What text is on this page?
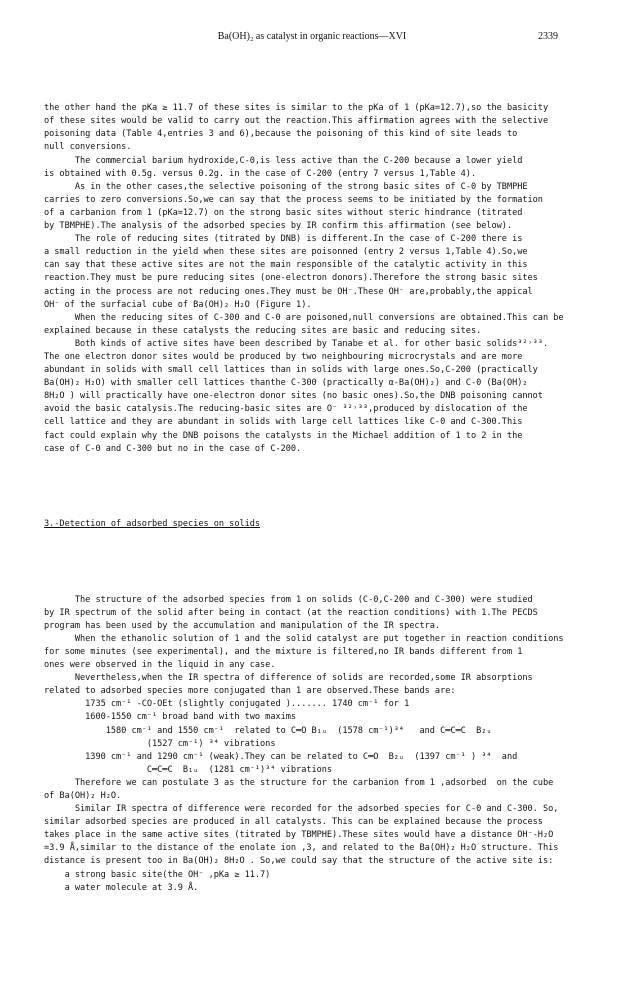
Ba(OH)₂ as catalyst in organic reactions—XVI	2339

the other hand the pKa ≥ 11.7 of these sites is similar to the pKa of 1 (pKa=12.7),so the basicity
of these sites would be valid to carry out the reaction.This affirmation agrees with the selective
poisoning data (Table 4,entries 3 and 6),because the poisoning of this kind of site leads to
null conversions.
The commercial barium hydroxide,C-0,is less active than the C-200 because a lower yield
is obtained with 0.5g. versus 0.2g. in the case of C-200 (entry 7 versus 1,Table 4).
As in the other cases,the selective poisoning of the strong basic sites of C-0 by TBMPHE
carries to zero conversions.So,we can say that the process seems to be initiated by the formation
of a carbanion from 1 (pKa=12.7) on the strong basic sites without steric hindrance (titrated
by TBMPHE).The analysis of the adsorbed species by IR confirm this affirmation (see below).
The role of reducing sites (titrated by DNB) is different.In the case of C-200 there is
a small reduction in the yield when these sites are poisonned (entry 2 versus 1,Table 4).So,we
can say that these active sites are not the main responsible of the catalytic activity in this
reaction.They must be pure reducing sites (one-electron donors).Therefore the strong basic sites
acting in the process are not reducing ones.They must be OH⁻.These OH⁻ are,probably,the appical
OH⁻ of the surfacial cube of Ba(OH)₂ H₂O (Figure 1).
When the reducing sites of C-300 and C-0 are poisoned,null conversions are obtained.This can be
explained because in these catalysts the reducing sites are basic and reducing sites.
Both kinds of active sites have been described by Tanabe et al. for other basic solids³²˒³³.
The one electron donor sites would be produced by two neighbouring microcrystals and are more
abundant in solids with small cell lattices than in solids with large ones.So,C-200 (practically
Ba(OH)₂ H₂O) with smaller cell lattices thanthe C-300 (practically α-Ba(OH)₂) and C-0 (Ba(OH)₂
8H₂O ) will practically have one-electron donor sites (no basic ones).So,the DNB poisoning cannot
avoid the basic catalysis.The reducing-basic sites are O⁻ ³²˒³³,produced by dislocation of the
cell lattice and they are abundant in solids with large cell lattices like C-0 and C-300.This
fact could explain why the DNB poisons the catalysts in the Michael addition of 1 to 2 in the
case of C-0 and C-300 but no in the case of C-200.

3.-Detection of adsorbed species on solids

The structure of the adsorbed species from 1 on solids (C-0,C-200 and C-300) were studied
by IR spectrum of the solid after being in contact (at the reaction conditions) with 1.The PECDS
program has been used by the accumulation and manipulation of the IR spectra.
When the ethanolic solution of 1 and the solid catalyst are put together in reaction conditions
for some minutes (see experimental), and the mixture is filtered,no IR bands different from 1
ones were observed in the liquid in any case.
Nevertheless,when the IR spectra of difference of solids are recorded,some IR absorptions
related to adsorbed species more conjugated than 1 are observed.These bands are:
1735 cm⁻¹ -CO-OEt (slightly conjugated )....... 1740 cm⁻¹ for 1
1600-1550 cm⁻¹ broad band with two maxims
1580 cm⁻¹ and 1550 cm⁻¹  related to C═O B₁ᵤ  (1578 cm⁻¹)³⁴   and C═C═C  B₂ᵤ
(1527 cm⁻¹) ³⁴ vibrations
1390 cm⁻¹ and 1290 cm⁻¹ (weak).They can be related to C═O  B₂ᵤ  (1397 cm⁻¹ ) ³⁴  and
C═C═C  B₁ᵤ  (1281 cm⁻¹)³⁴ vibrations
Therefore we can postulate 3 as the structure for the carbanion from 1 ,adsorbed  on the cube
of Ba(OH)₂ H₂O.
Similar IR spectra of difference were recorded for the adsorbed species for C-0 and C-300. So,
similar adsorbed species are produced in all catalysts. This can be explained because the process
takes place in the same active sites (titrated by TBMPHE).These sites would have a distance OH⁻-H₂O
=3.9 Å,similar to the distance of the enolate ion ,3, and related to the Ba(OH)₂ H₂O structure. This
distance is present too in Ba(OH)₂ 8H₂O . So,we could say that the structure of the active site is:
a strong basic site(the OH⁻ ,pKa ≥ 11.7)
a water molecule at 3.9 Å.
